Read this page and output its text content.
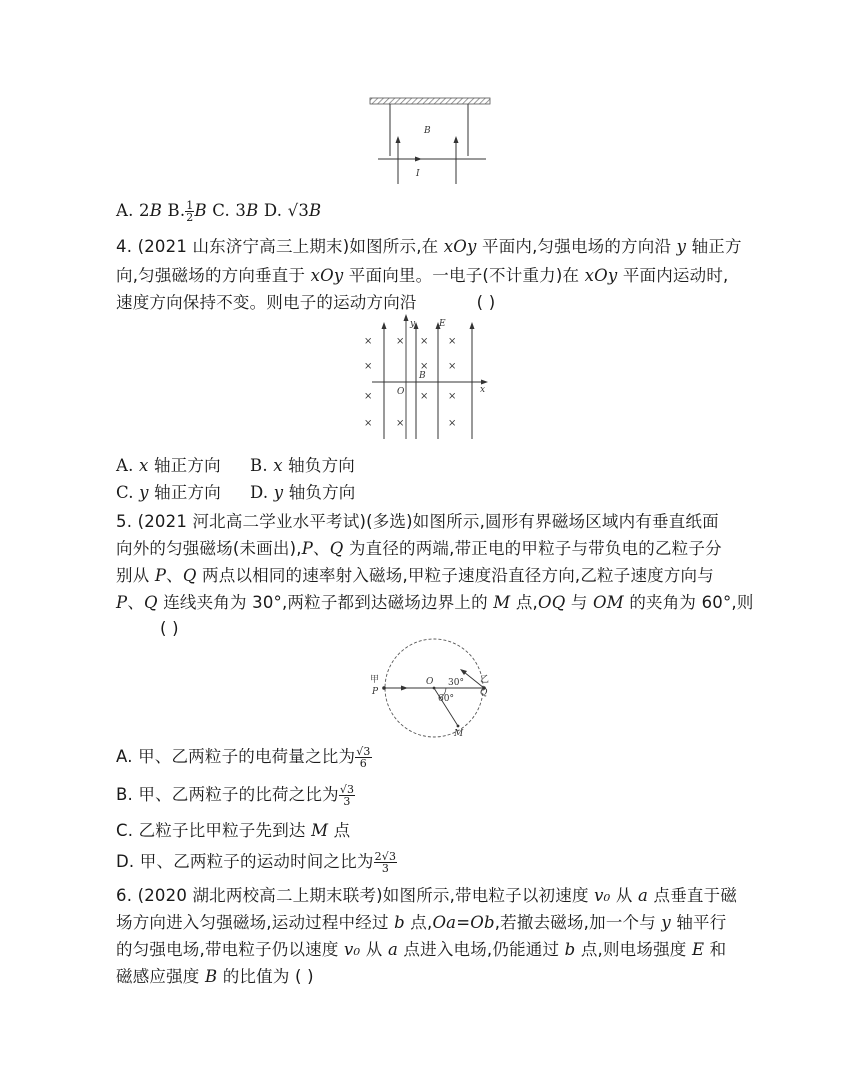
B
I
A. 2B B. $\frac{1}{2}$ B C. 3B D. √3B
4. (2021 山东济宁高三上期末)如图所示,在 xOy 平面内,匀强电场的方向沿 y 轴正方
向,匀强磁场的方向垂直于 xOy 平面向里。一电子(不计重力)在 xOy 平面内运动时,
速度方向保持不变。则电子的运动方向沿	( )
y	E
B
O	x
× × × ×
×	× ×
×	× ×
× ×	×
A. x 轴正方向 B. x 轴负方向
C. y 轴正方向 D. y 轴负方向
5. (2021 河北高二学业水平考试)(多选)如图所示,圆形有界磁场区域内有垂直纸面
向外的匀强磁场(未画出),P、Q 为直径的两端,带正电的甲粒子与带负电的乙粒子分
别从 P、Q 两点以相同的速率射入磁场,甲粒子速度沿直径方向,乙粒子速度方向与
P、Q 连线夹角为 30°,两粒子都到达磁场边界上的 M 点,OQ 与 OM 的夹角为 60°,则
( )
甲
P
O	乙
Q
30°
60°
M
A. 甲、乙两粒子的电荷量之比为 $\frac{√3}{6}$
B. 甲、乙两粒子的比荷之比为 $\frac{√3}{3}$
C. 乙粒子比甲粒子先到达 M 点
D. 甲、乙两粒子的运动时间之比为 $\frac{2√3}{3}$
6. (2020 湖北两校高二上期末联考)如图所示,带电粒子以初速度 v₀ 从 a 点垂直于磁
场方向进入匀强磁场,运动过程中经过 b 点,Oa=Ob,若撤去磁场,加一个与 y 轴平行
的匀强电场,带电粒子仍以速度 v₀ 从 a 点进入电场,仍能通过 b 点,则电场强度 E 和
磁感应强度 B 的比值为 ( )
